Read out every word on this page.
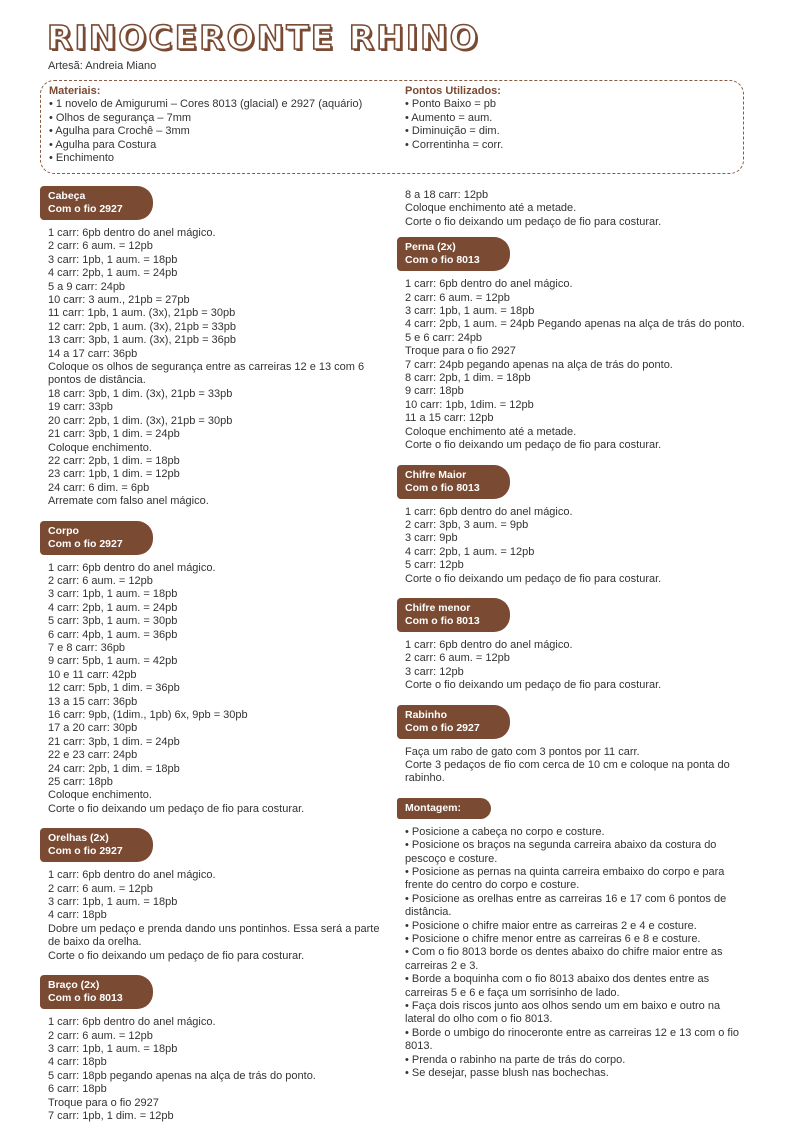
RINOCERONTE RHINO
Artesã: Andreia Miano
Materiais:
• 1 novelo de Amigurumi – Cores 8013 (glacial) e 2927 (aquário)
• Olhos de segurança – 7mm
• Agulha para Crochê – 3mm
• Agulha para Costura
• Enchimento
Pontos Utilizados:
• Ponto Baixo = pb
• Aumento = aum.
• Diminuição = dim.
• Correntinha = corr.
Cabeça
Com o fio 2927
1 carr: 6pb dentro do anel mágico.
2 carr: 6 aum. = 12pb
3 carr: 1pb, 1 aum. = 18pb
4 carr: 2pb, 1 aum. = 24pb
5 a 9 carr: 24pb
10 carr: 3 aum., 21pb = 27pb
11 carr: 1pb, 1 aum. (3x), 21pb = 30pb
12 carr: 2pb, 1 aum. (3x), 21pb = 33pb
13 carr: 3pb, 1 aum. (3x), 21pb = 36pb
14 a 17 carr: 36pb
Coloque os olhos de segurança entre as carreiras 12 e 13 com 6 pontos de distância.
18 carr: 3pb, 1 dim. (3x), 21pb = 33pb
19 carr: 33pb
20 carr: 2pb, 1 dim. (3x), 21pb = 30pb
21 carr: 3pb, 1 dim. = 24pb
Coloque enchimento.
22 carr: 2pb, 1 dim. = 18pb
23 carr: 1pb, 1 dim. = 12pb
24 carr: 6 dim. = 6pb
Arremate com falso anel mágico.
Corpo
Com o fio 2927
1 carr: 6pb dentro do anel mágico.
2 carr: 6 aum. = 12pb
3 carr: 1pb, 1 aum. = 18pb
4 carr: 2pb, 1 aum. = 24pb
5 carr: 3pb, 1 aum. = 30pb
6 carr: 4pb, 1 aum. = 36pb
7 e 8 carr: 36pb
9 carr: 5pb, 1 aum. = 42pb
10 e 11 carr: 42pb
12 carr: 5pb, 1 dim. = 36pb
13 a 15 carr: 36pb
16 carr: 9pb, (1dim., 1pb) 6x, 9pb = 30pb
17 a 20 carr: 30pb
21 carr: 3pb, 1 dim. = 24pb
22 e 23 carr: 24pb
24 carr: 2pb, 1 dim. = 18pb
25 carr: 18pb
Coloque enchimento.
Corte o fio deixando um pedaço de fio para costurar.
Orelhas (2x)
Com o fio 2927
1 carr: 6pb dentro do anel mágico.
2 carr: 6 aum. = 12pb
3 carr: 1pb, 1 aum. = 18pb
4 carr: 18pb
Dobre um pedaço e prenda dando uns pontinhos. Essa será a parte de baixo da orelha.
Corte o fio deixando um pedaço de fio para costurar.
Braço (2x)
Com o fio 8013
1 carr: 6pb dentro do anel mágico.
2 carr: 6 aum. = 12pb
3 carr: 1pb, 1 aum. = 18pb
4 carr: 18pb
5 carr: 18pb pegando apenas na alça de trás do ponto.
6 carr: 18pb
Troque para o fio 2927
7 carr: 1pb, 1 dim. = 12pb
8 a 18 carr: 12pb
Coloque enchimento até a metade.
Corte o fio deixando um pedaço de fio para costurar.
Perna (2x)
Com o fio 8013
1 carr: 6pb dentro do anel mágico.
2 carr: 6 aum. = 12pb
3 carr: 1pb, 1 aum. = 18pb
4 carr: 2pb, 1 aum. = 24pb Pegando apenas na alça de trás do ponto.
5 e 6 carr: 24pb
Troque para o fio 2927
7 carr: 24pb pegando apenas na alça de trás do ponto.
8 carr: 2pb, 1 dim. = 18pb
9 carr: 18pb
10 carr: 1pb, 1dim. = 12pb
11 a 15 carr: 12pb
Coloque enchimento até a metade.
Corte o fio deixando um pedaço de fio para costurar.
Chifre Maior
Com o fio 8013
1 carr: 6pb dentro do anel mágico.
2 carr: 3pb, 3 aum. = 9pb
3 carr: 9pb
4 carr: 2pb, 1 aum. = 12pb
5 carr: 12pb
Corte o fio deixando um pedaço de fio para costurar.
Chifre menor
Com o fio 8013
1 carr: 6pb dentro do anel mágico.
2 carr: 6 aum. = 12pb
3 carr: 12pb
Corte o fio deixando um pedaço de fio para costurar.
Rabinho
Com o fio 2927
Faça um rabo de gato com 3 pontos por 11 carr.
Corte 3 pedaços de fio com cerca de 10 cm e coloque na ponta do rabinho.
Montagem:
• Posicione a cabeça no corpo e costure.
• Posicione os braços na segunda carreira abaixo da costura do pescoço e costure.
• Posicione as pernas na quinta carreira embaixo do corpo e para frente do centro do corpo e costure.
• Posicione as orelhas entre as carreiras 16 e 17 com 6 pontos de distância.
• Posicione o chifre maior entre as carreiras 2 e 4 e costure.
• Posicione o chifre menor entre as carreiras 6 e 8 e costure.
• Com o fio 8013 borde os dentes abaixo do chifre maior entre as carreiras 2 e 3.
• Borde a boquinha com o fio 8013 abaixo dos dentes entre as carreiras 5 e 6 e faça um sorrisinho de lado.
• Faça dois riscos junto aos olhos sendo um em baixo e outro na lateral do olho com o fio 8013.
• Borde o umbigo do rinoceronte entre as carreiras 12 e 13 com o fio 8013.
• Prenda o rabinho na parte de trás do corpo.
• Se desejar, passe blush nas bochechas.
